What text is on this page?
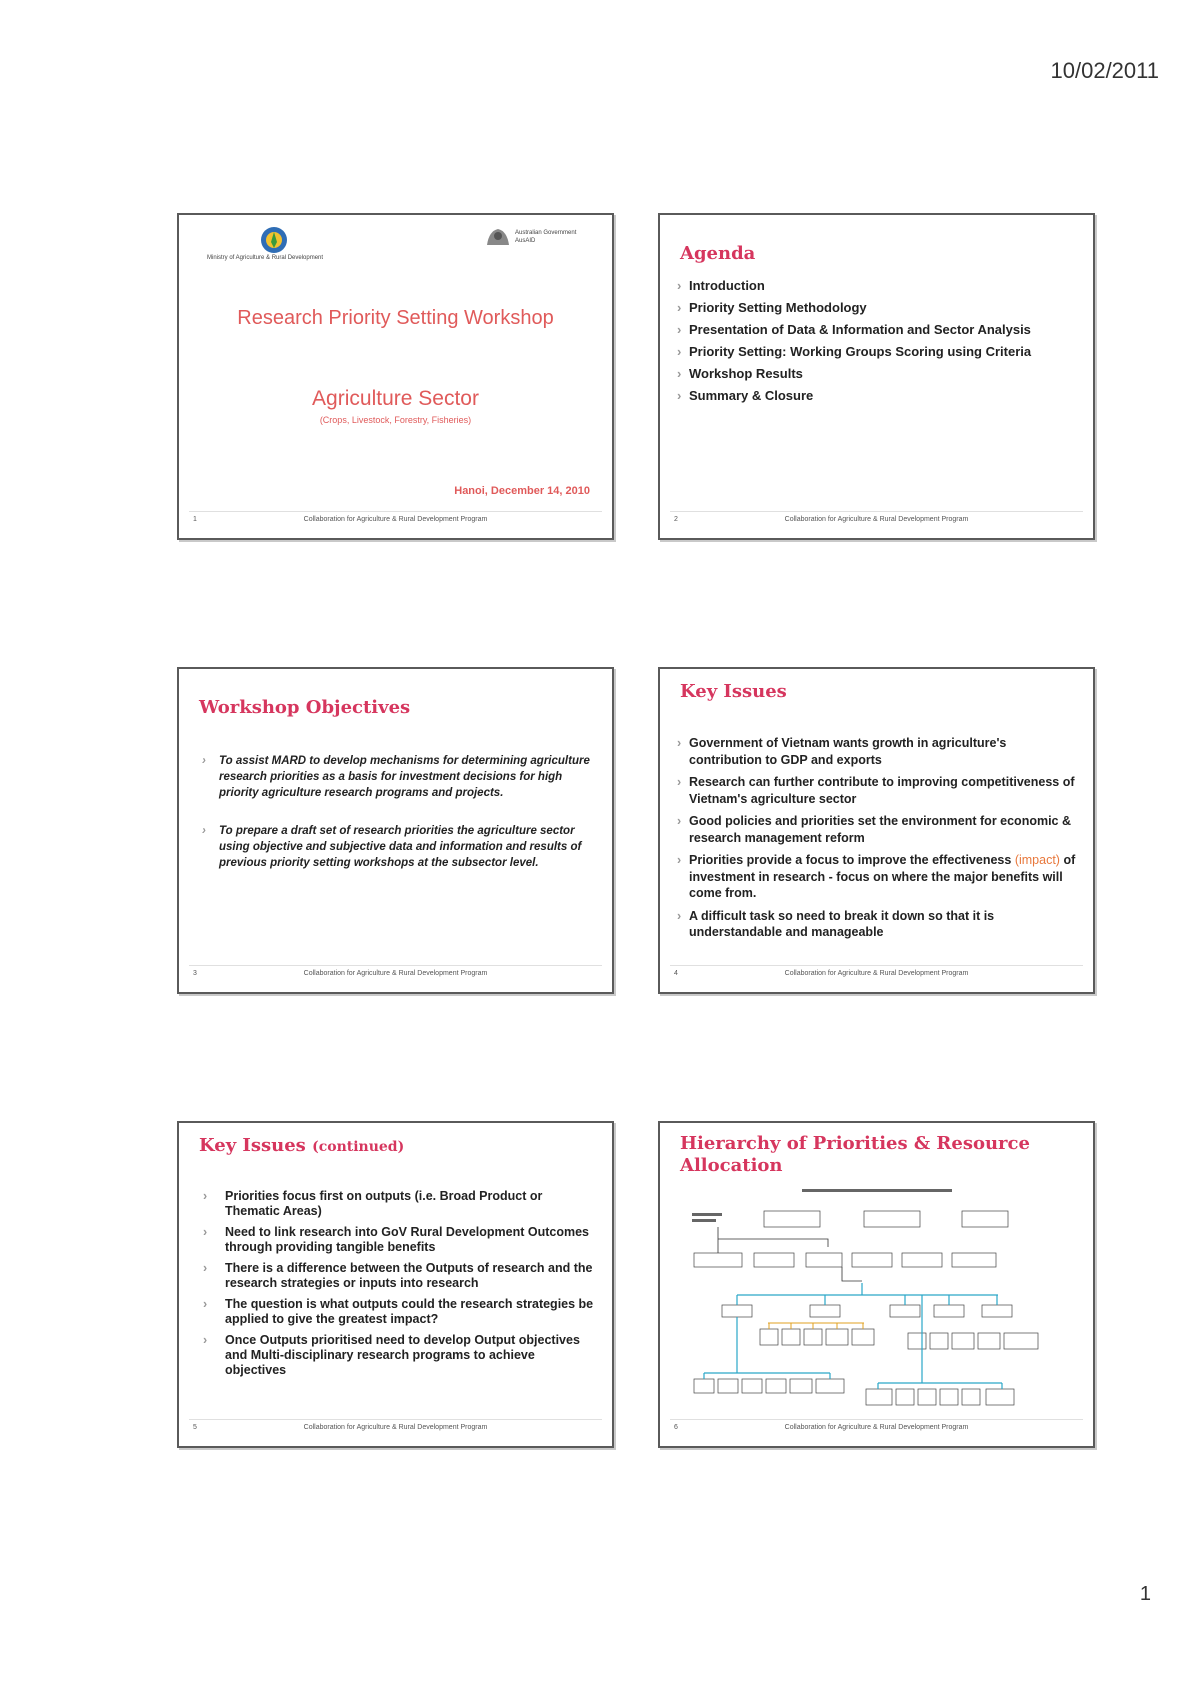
10/02/2011
Ministry of Agriculture & Rural Development
Australian Government AusAID
Research Priority Setting Workshop
Agriculture Sector
(Crops, Livestock, Forestry, Fisheries)
Hanoi, December 14, 2010
1	Collaboration for Agriculture & Rural Development Program
Agenda
› Introduction
› Priority Setting Methodology
› Presentation of Data & Information and Sector Analysis
› Priority Setting: Working Groups Scoring using Criteria
› Workshop Results
› Summary & Closure
2	Collaboration for Agriculture & Rural Development Program
Workshop Objectives
› To assist MARD to develop mechanisms for determining agriculture research priorities as a basis for investment decisions for high priority agriculture research programs and projects.
› To prepare a draft set of research priorities the agriculture sector using objective and subjective data and information and results of previous priority setting workshops at the subsector level.
3	Collaboration for Agriculture & Rural Development Program
Key Issues
› Government of Vietnam wants growth in agriculture's contribution to GDP and exports
› Research can further contribute to improving competitiveness of Vietnam's agriculture sector
› Good policies and priorities set the environment for economic & research management reform
› Priorities provide a focus to improve the effectiveness (impact) of investment in research - focus on where the major benefits will come from.
› A difficult task so need to break it down so that it is understandable and manageable
4	Collaboration for Agriculture & Rural Development Program
Key Issues (continued)
› Priorities focus first on outputs (i.e. Broad Product or Thematic Areas)
› Need to link research into GoV Rural Development Outcomes through providing tangible benefits
› There is a difference between the Outputs of research and the research strategies or inputs into research
› The question is what outputs could the research strategies be applied to give the greatest impact?
› Once Outputs prioritised need to develop Output objectives and Multi-disciplinary research programs to achieve objectives
5	Collaboration for Agriculture & Rural Development Program
Hierarchy of Priorities & Resource Allocation
6	Collaboration for Agriculture & Rural Development Program
1
